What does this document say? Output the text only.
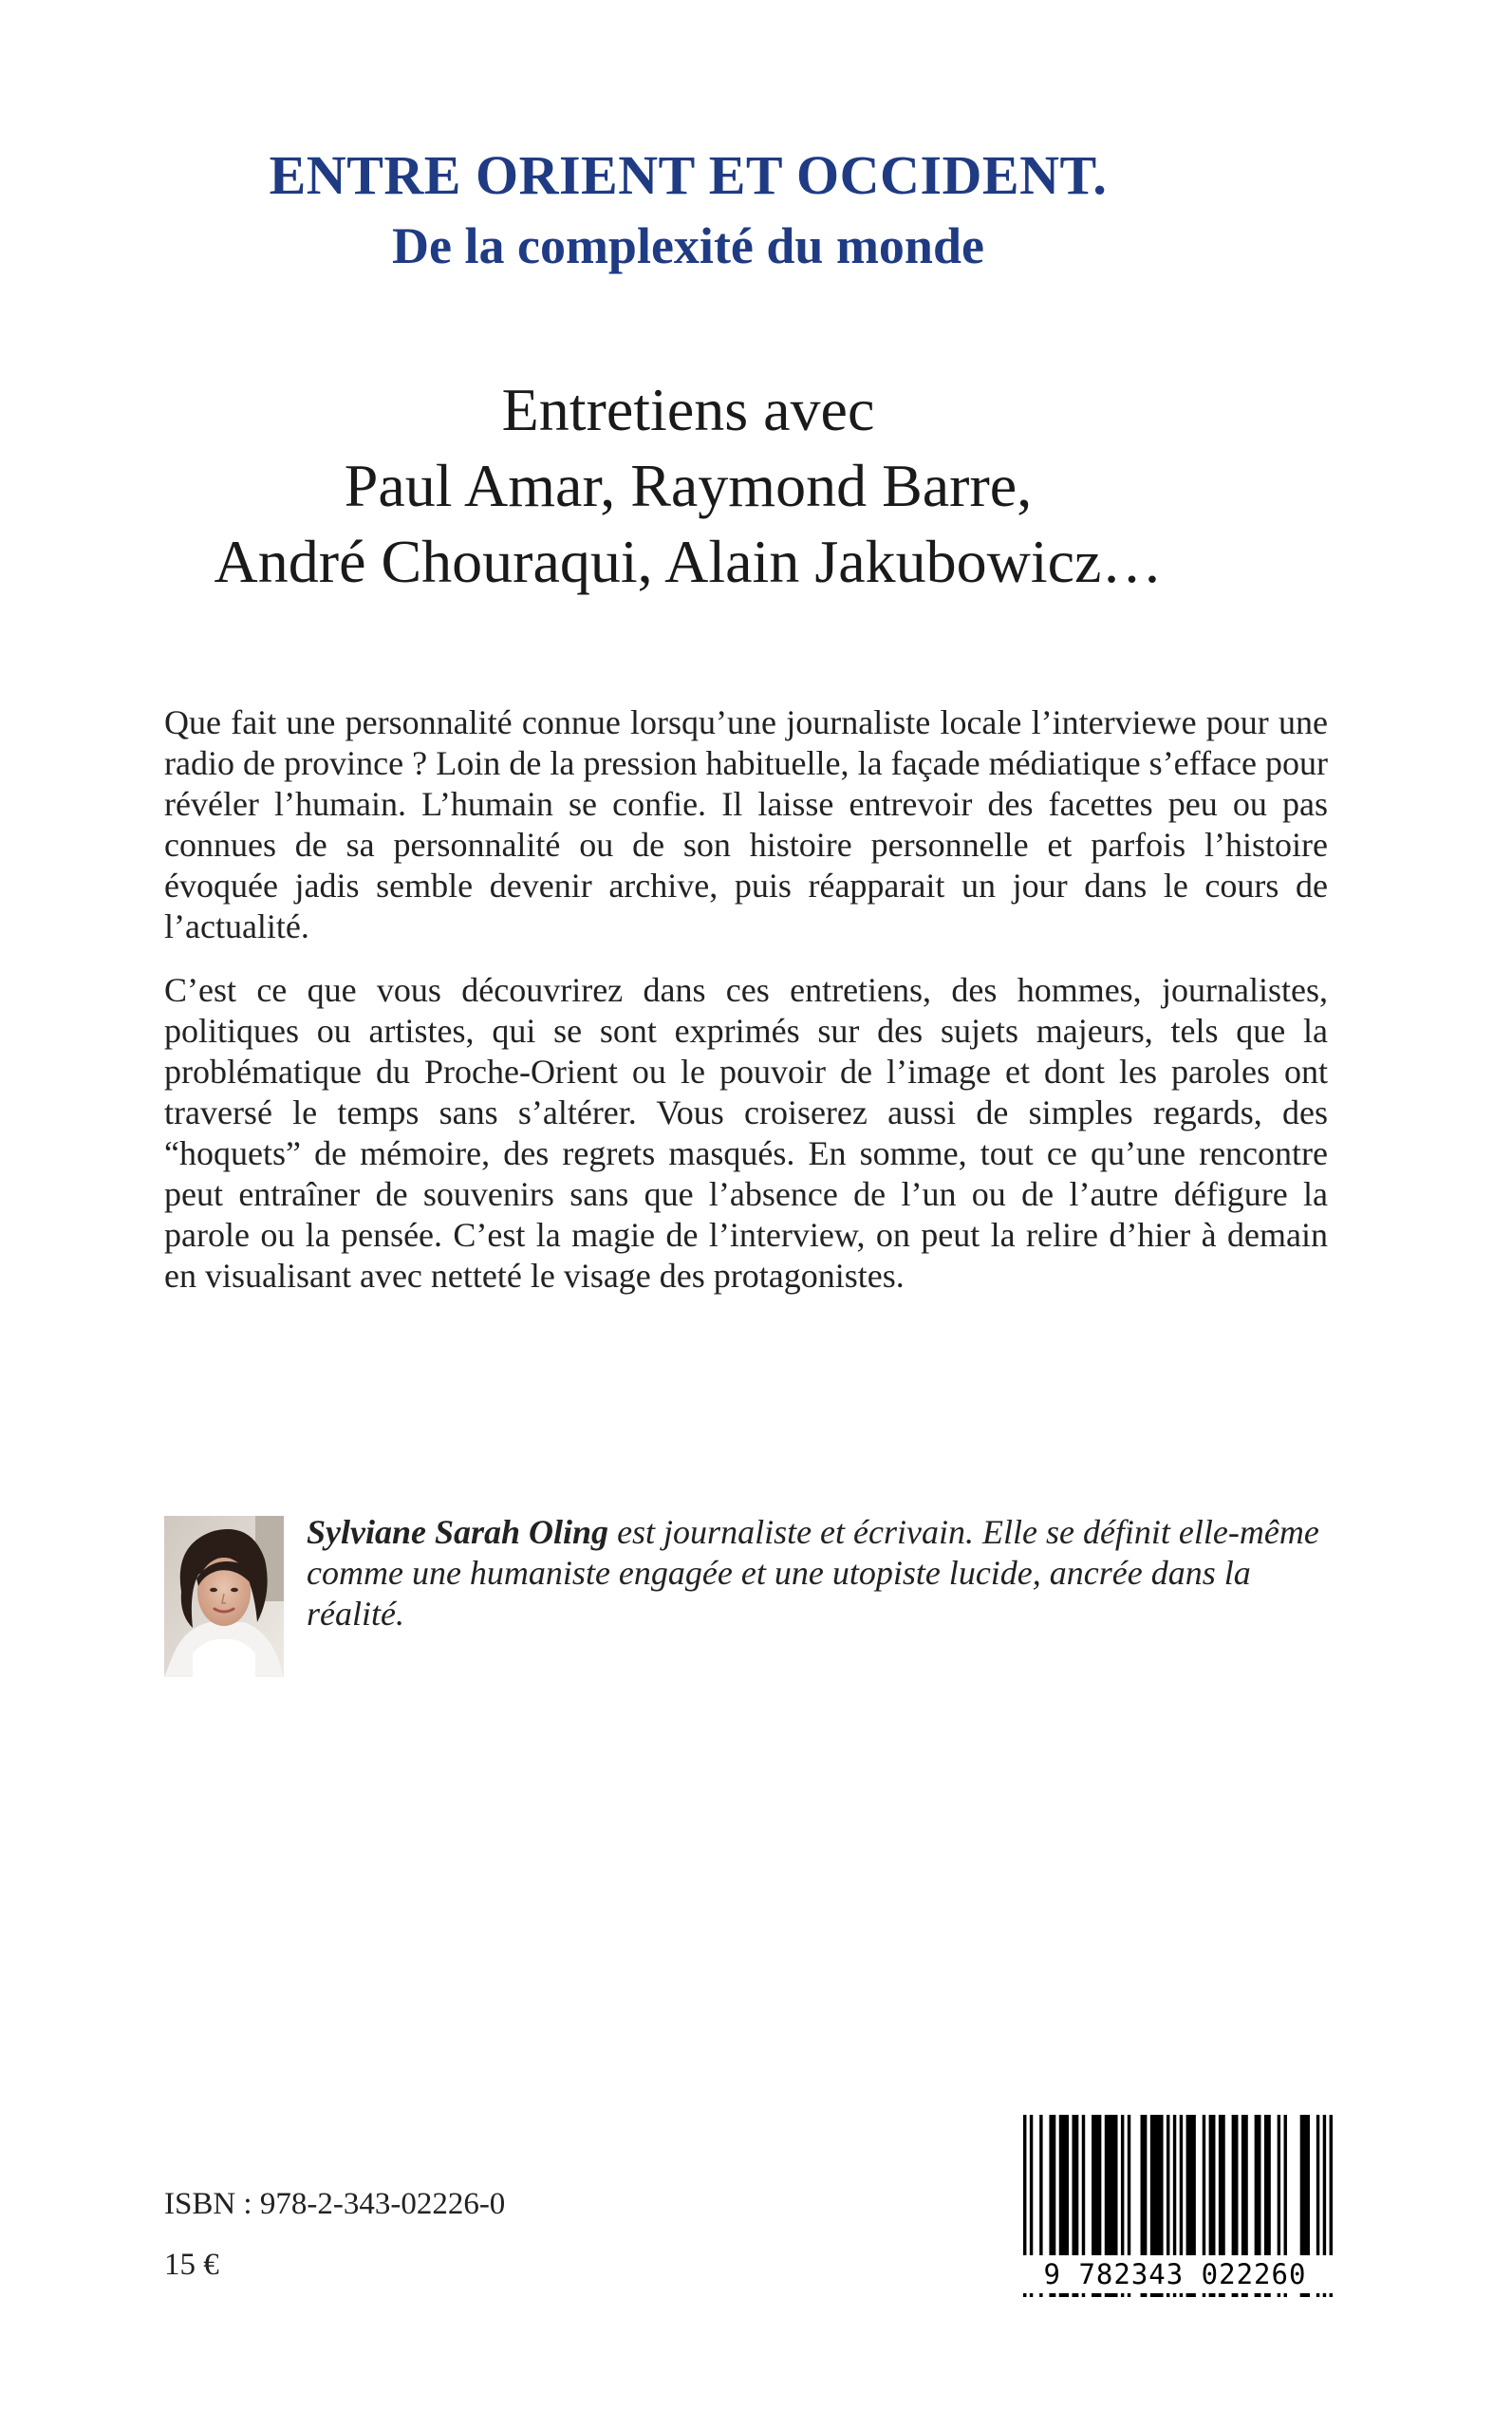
ENTRE ORIENT ET OCCIDENT.
De la complexité du monde
Entretiens avec
Paul Amar, Raymond Barre,
André Chouraqui, Alain Jakubowicz…

Que fait une personnalité connue lorsqu’une journaliste locale l’interviewe pour une radio de province ? Loin de la pression habituelle, la façade médiatique s’efface pour révéler l’humain. L’humain se confie. Il laisse entrevoir des facettes peu ou pas connues de sa personnalité ou de son histoire personnelle et parfois l’histoire évoquée jadis semble devenir archive, puis réapparait un jour dans le cours de l’actualité.

C’est ce que vous découvrirez dans ces entretiens, des hommes, journalistes, politiques ou artistes, qui se sont exprimés sur des sujets majeurs, tels que la problématique du Proche-Orient ou le pouvoir de l’image et dont les paroles ont traversé le temps sans s’altérer. Vous croiserez aussi de simples regards, des “hoquets” de mémoire, des regrets masqués. En somme, tout ce qu’une rencontre peut entraîner de souvenirs sans que l’absence de l’un ou de l’autre défigure la parole ou la pensée. C’est la magie de l’interview, on peut la relire d’hier à demain en visualisant avec netteté le visage des protagonistes.

Sylviane Sarah Oling est journaliste et écrivain. Elle se définit elle-même comme une humaniste engagée et une utopiste lucide, ancrée dans la réalité.
ISBN : 978-2-343-02226-0
15 €	9 782343 022260
